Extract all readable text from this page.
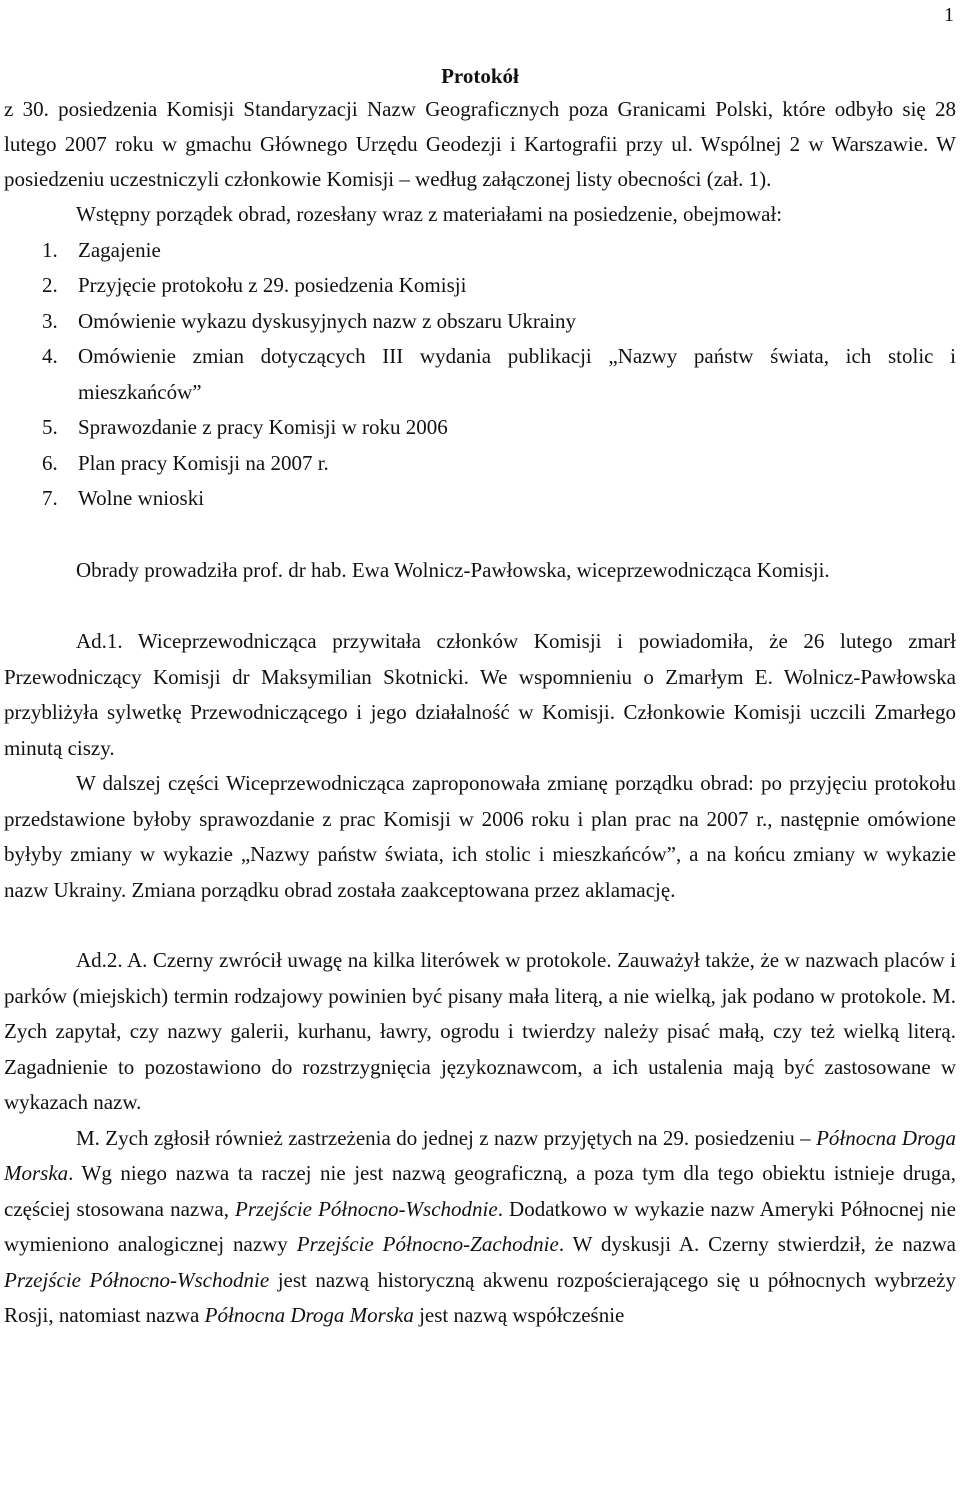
1
Protokół

z 30. posiedzenia Komisji Standaryzacji Nazw Geograficznych poza Granicami Polski, które odbyło się 28 lutego 2007 roku w gmachu Głównego Urzędu Geodezji i Kartografii przy ul. Wspólnej 2 w Warszawie. W posiedzeniu uczestniczyli członkowie Komisji – według załączonej listy obecności (zał. 1).

Wstępny porządek obrad, rozesłany wraz z materiałami na posiedzenie, obejmował:

1. Zagajenie
2. Przyjęcie protokołu z 29. posiedzenia Komisji
3. Omówienie wykazu dyskusyjnych nazw z obszaru Ukrainy
4. Omówienie zmian dotyczących III wydania publikacji „Nazwy państw świata, ich stolic i mieszkańców”
5. Sprawozdanie z pracy Komisji w roku 2006
6. Plan pracy Komisji na 2007 r.
7. Wolne wnioski

Obrady prowadziła prof. dr hab. Ewa Wolnicz-Pawłowska, wiceprzewodnicząca Komisji.

Ad.1. Wiceprzewodnicząca przywitała członków Komisji i powiadomiła, że 26 lutego zmarł Przewodniczący Komisji dr Maksymilian Skotnicki. We wspomnieniu o Zmarłym E. Wolnicz-Pawłowska przybliżyła sylwetkę Przewodniczącego i jego działalność w Komisji. Członkowie Komisji uczcili Zmarłego minutą ciszy.

W dalszej części Wiceprzewodnicząca zaproponowała zmianę porządku obrad: po przyjęciu protokołu przedstawione byłoby sprawozdanie z prac Komisji w 2006 roku i plan prac na 2007 r., następnie omówione byłyby zmiany w wykazie „Nazwy państw świata, ich stolic i mieszkańców”, a na końcu zmiany w wykazie nazw Ukrainy. Zmiana porządku obrad została zaakceptowana przez aklamację.

Ad.2. A. Czerny zwrócił uwagę na kilka literówek w protokole. Zauważył także, że w nazwach placów i parków (miejskich) termin rodzajowy powinien być pisany mała literą, a nie wielką, jak podano w protokole. M. Zych zapytał, czy nazwy galerii, kurhanu, ławry, ogrodu i twierdzy należy pisać małą, czy też wielką literą. Zagadnienie to pozostawiono do rozstrzygnięcia językoznawcom, a ich ustalenia mają być zastosowane w wykazach nazw.

M. Zych zgłosił również zastrzeżenia do jednej z nazw przyjętych na 29. posiedzeniu – Północna Droga Morska. Wg niego nazwa ta raczej nie jest nazwą geograficzną, a poza tym dla tego obiektu istnieje druga, częściej stosowana nazwa, Przejście Północno-Wschodnie. Dodatkowo w wykazie nazw Ameryki Północnej nie wymieniono analogicznej nazwy Przejście Północno-Zachodnie. W dyskusji A. Czerny stwierdził, że nazwa Przejście Północno-Wschodnie jest nazwą historyczną akwenu rozpościerającego się u północnych wybrzeży Rosji, natomiast nazwa Północna Droga Morska jest nazwą współcześnie
